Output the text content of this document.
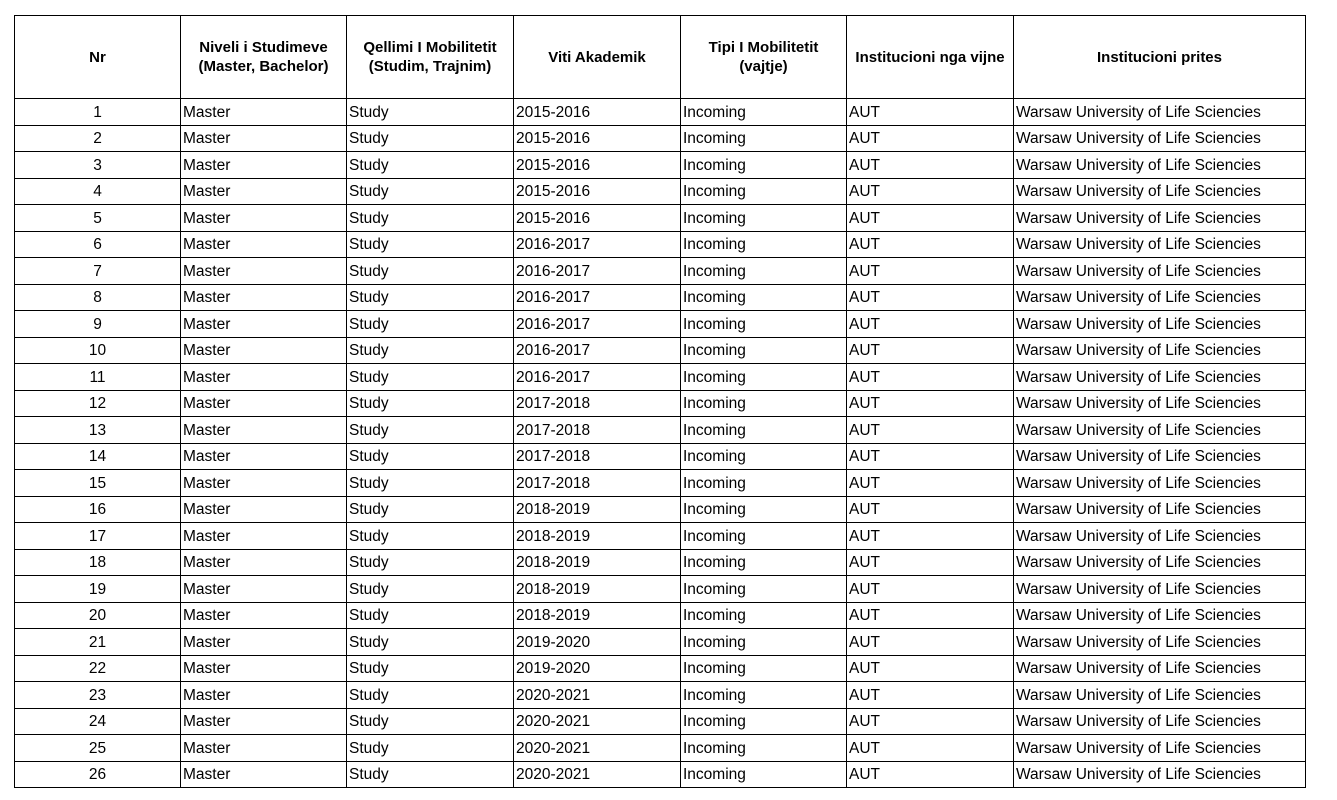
Nr	Niveli i Studimeve (Master, Bachelor)	Qellimi I Mobilitetit (Studim, Trajnim)	Viti Akademik	Tipi I Mobilitetit (vajtje)	Institucioni nga vijne	Institucioni prites
1	Master	Study	2015-2016	Incoming	AUT	Warsaw University of Life Sciencies
2	Master	Study	2015-2016	Incoming	AUT	Warsaw University of Life Sciencies
3	Master	Study	2015-2016	Incoming	AUT	Warsaw University of Life Sciencies
4	Master	Study	2015-2016	Incoming	AUT	Warsaw University of Life Sciencies
5	Master	Study	2015-2016	Incoming	AUT	Warsaw University of Life Sciencies
6	Master	Study	2016-2017	Incoming	AUT	Warsaw University of Life Sciencies
7	Master	Study	2016-2017	Incoming	AUT	Warsaw University of Life Sciencies
8	Master	Study	2016-2017	Incoming	AUT	Warsaw University of Life Sciencies
9	Master	Study	2016-2017	Incoming	AUT	Warsaw University of Life Sciencies
10	Master	Study	2016-2017	Incoming	AUT	Warsaw University of Life Sciencies
11	Master	Study	2016-2017	Incoming	AUT	Warsaw University of Life Sciencies
12	Master	Study	2017-2018	Incoming	AUT	Warsaw University of Life Sciencies
13	Master	Study	2017-2018	Incoming	AUT	Warsaw University of Life Sciencies
14	Master	Study	2017-2018	Incoming	AUT	Warsaw University of Life Sciencies
15	Master	Study	2017-2018	Incoming	AUT	Warsaw University of Life Sciencies
16	Master	Study	2018-2019	Incoming	AUT	Warsaw University of Life Sciencies
17	Master	Study	2018-2019	Incoming	AUT	Warsaw University of Life Sciencies
18	Master	Study	2018-2019	Incoming	AUT	Warsaw University of Life Sciencies
19	Master	Study	2018-2019	Incoming	AUT	Warsaw University of Life Sciencies
20	Master	Study	2018-2019	Incoming	AUT	Warsaw University of Life Sciencies
21	Master	Study	2019-2020	Incoming	AUT	Warsaw University of Life Sciencies
22	Master	Study	2019-2020	Incoming	AUT	Warsaw University of Life Sciencies
23	Master	Study	2020-2021	Incoming	AUT	Warsaw University of Life Sciencies
24	Master	Study	2020-2021	Incoming	AUT	Warsaw University of Life Sciencies
25	Master	Study	2020-2021	Incoming	AUT	Warsaw University of Life Sciencies
26	Master	Study	2020-2021	Incoming	AUT	Warsaw University of Life Sciencies
